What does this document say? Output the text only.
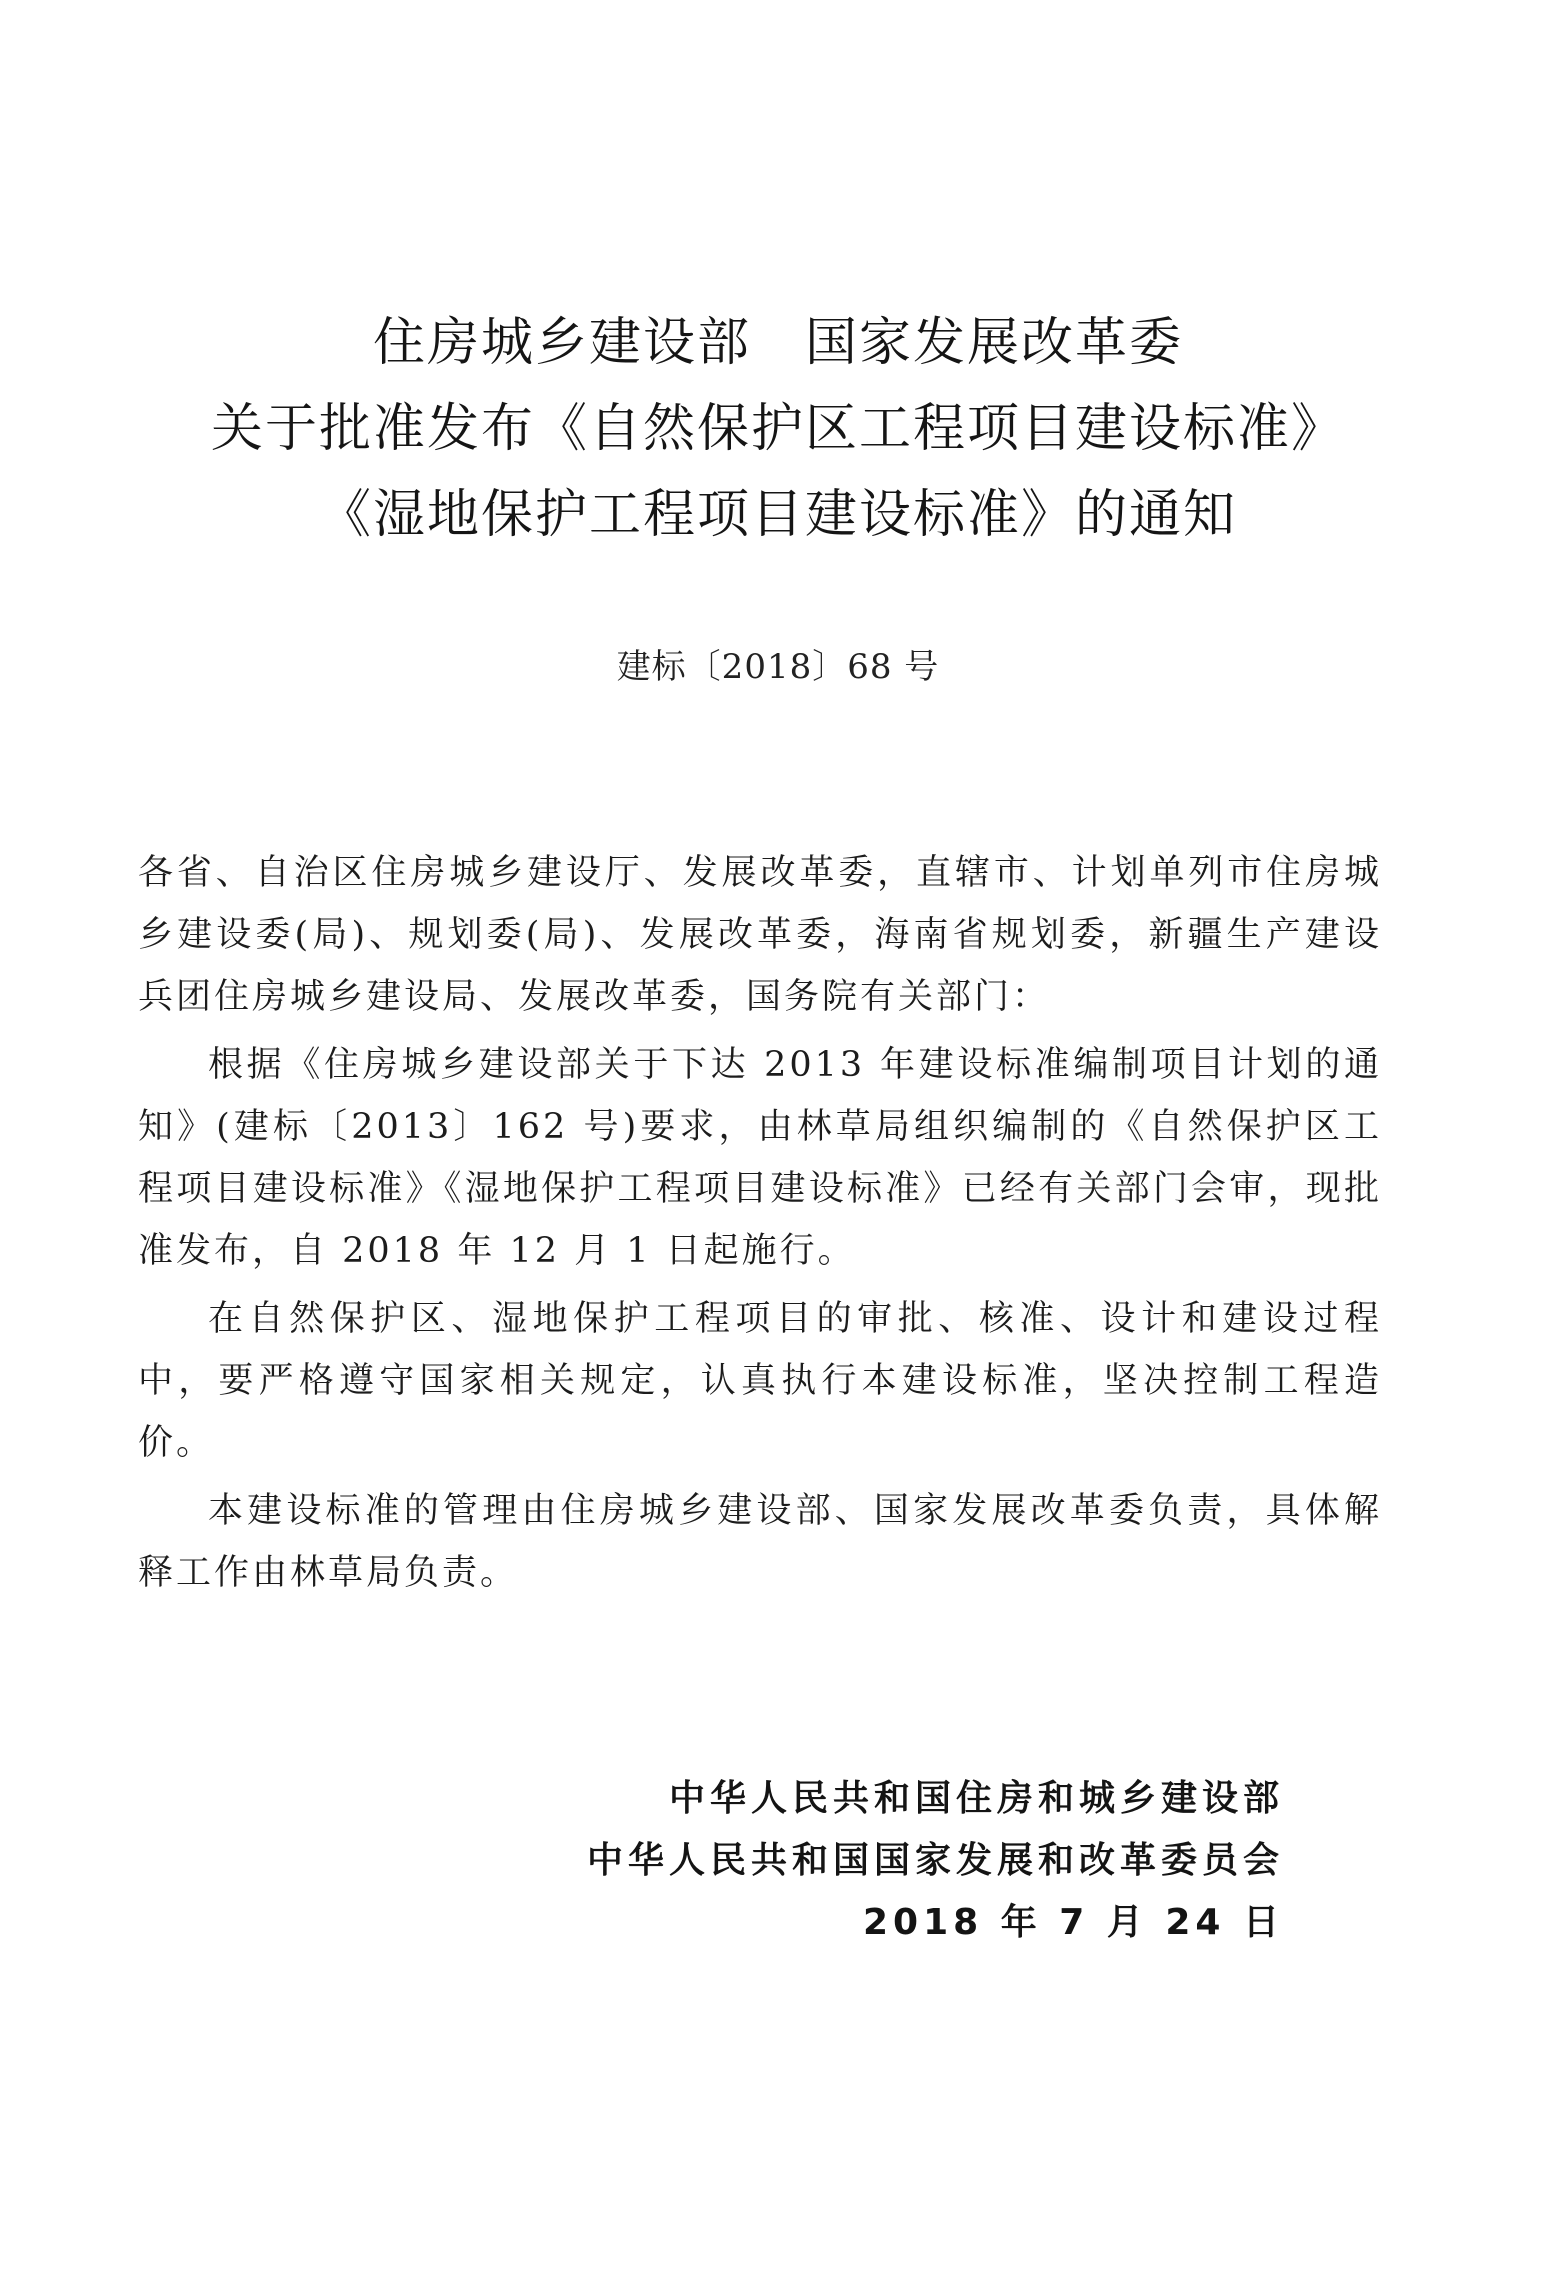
住房城乡建设部　国家发展改革委
关于批准发布《自然保护区工程项目建设标准》
《湿地保护工程项目建设标准》的通知
建标〔2018〕68 号

各省、自治区住房城乡建设厅、发展改革委，直辖市、计划单列市住房城乡建设委(局)、规划委(局)、发展改革委，海南省规划委，新疆生产建设兵团住房城乡建设局、发展改革委，国务院有关部门：

根据《住房城乡建设部关于下达 2013 年建设标准编制项目计划的通知》(建标〔2013〕162 号)要求，由林草局组织编制的《自然保护区工程项目建设标准》《湿地保护工程项目建设标准》已经有关部门会审，现批准发布，自 2018 年 12 月 1 日起施行。

在自然保护区、湿地保护工程项目的审批、核准、设计和建设过程中，要严格遵守国家相关规定，认真执行本建设标准，坚决控制工程造价。

本建设标准的管理由住房城乡建设部、国家发展改革委负责，具体解释工作由林草局负责。

中华人民共和国住房和城乡建设部
中华人民共和国国家发展和改革委员会
2018 年 7 月 24 日
